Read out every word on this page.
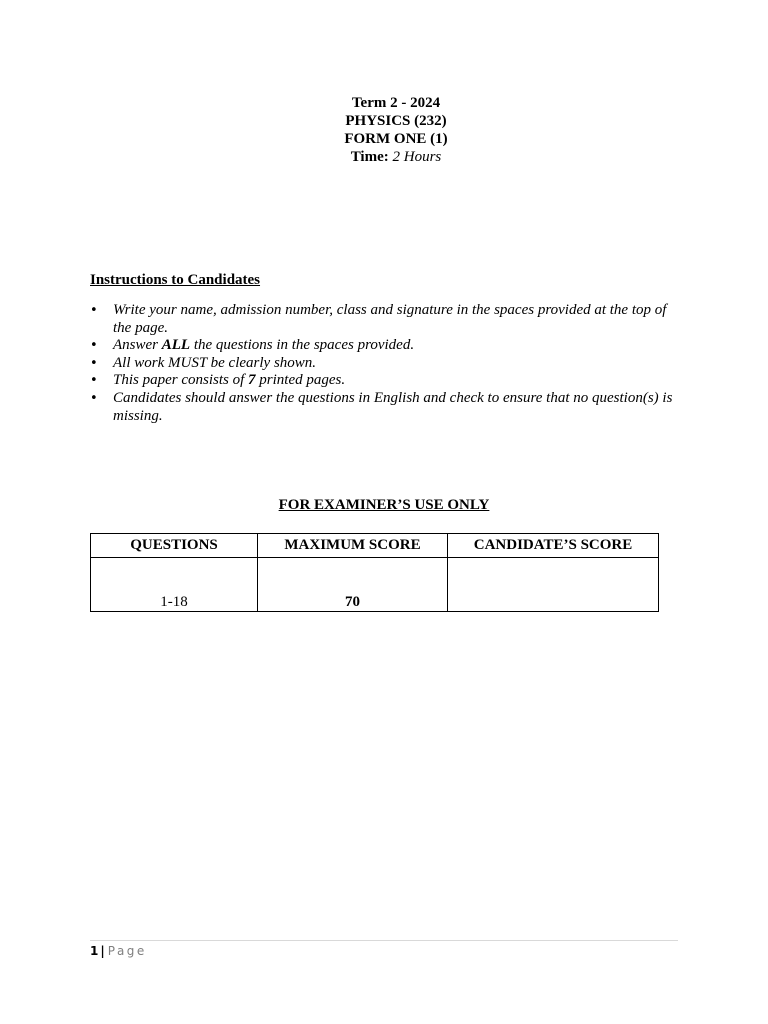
Term 2 - 2024
PHYSICS (232)
FORM ONE (1)
Time: 2 Hours
Instructions to Candidates
• Write your name, admission number, class and signature in the spaces provided at the top of the page.
• Answer ALL the questions in the spaces provided.
• All work MUST be clearly shown.
• This paper consists of 7 printed pages.
• Candidates should answer the questions in English and check to ensure that no question(s) is missing.
FOR EXAMINER’S USE ONLY
QUESTIONS	MAXIMUM SCORE	CANDIDATE’S SCORE
1-18	70	
1 | Page
